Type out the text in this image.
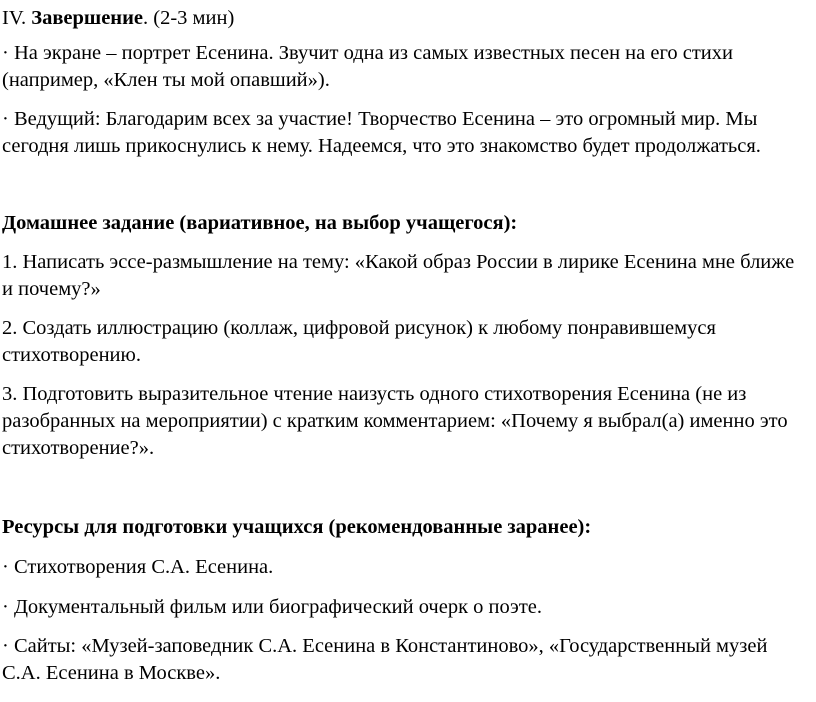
IV. Завершение. (2-3 мин)

· На экране – портрет Есенина. Звучит одна из самых известных песен на его стихи (например, «Клен ты мой опавший»).

· Ведущий: Благодарим всех за участие! Творчество Есенина – это огромный мир. Мы сегодня лишь прикоснулись к нему. Надеемся, что это знакомство будет продолжаться.

Домашнее задание (вариативное, на выбор учащегося):

1. Написать эссе-размышление на тему: «Какой образ России в лирике Есенина мне ближе и почему?»

2. Создать иллюстрацию (коллаж, цифровой рисунок) к любому понравившемуся стихотворению.

3. Подготовить выразительное чтение наизусть одного стихотворения Есенина (не из разобранных на мероприятии) с кратким комментарием: «Почему я выбрал(а) именно это стихотворение?».

Ресурсы для подготовки учащихся (рекомендованные заранее):

· Стихотворения С.А. Есенина.

· Документальный фильм или биографический очерк о поэте.

· Сайты: «Музей-заповедник С.А. Есенина в Константиново», «Государственный музей С.А. Есенина в Москве».
